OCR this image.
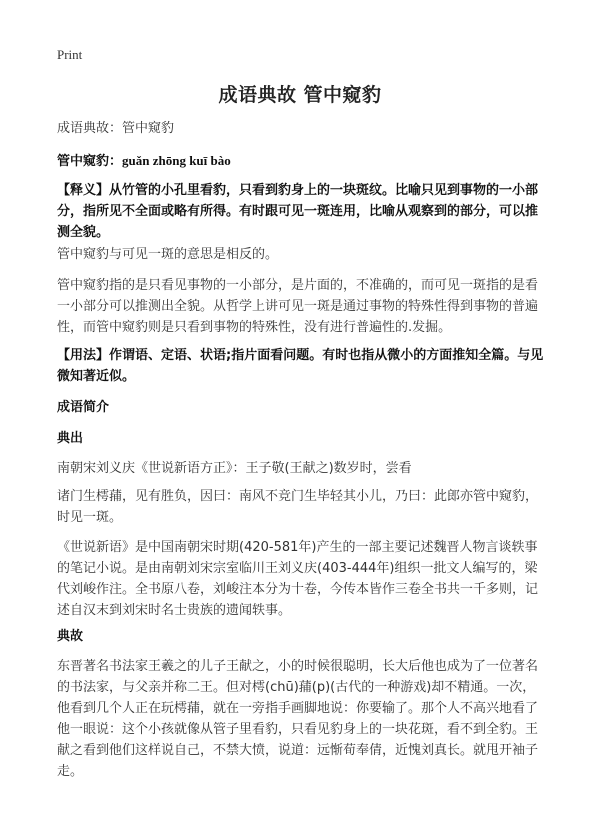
Print
成语典故 管中窥豹

成语典故：管中窥豹

管中窥豹：guǎn zhōng kuī bào

【释义】从竹管的小孔里看豹，只看到豹身上的一块斑纹。比喻只见到事物的一小部分，指所见不全面或略有所得。有时跟可见一斑连用，比喻从观察到的部分，可以推测全貌。

管中窥豹与可见一斑的意思是相反的。

管中窥豹指的是只看见事物的一小部分，是片面的，不准确的，而可见一斑指的是看一小部分可以推测出全貌。从哲学上讲可见一斑是通过事物的特殊性得到事物的普遍性，而管中窥豹则是只看到事物的特殊性，没有进行普遍性的.发掘。

【用法】作谓语、定语、状语;指片面看问题。有时也指从微小的方面推知全篇。与见微知著近似。

成语简介
典出

南朝宋刘义庆《世说新语方正》：王子敬(王献之)数岁时，尝看

诸门生樗蒱，见有胜负，因曰：南风不竞门生毕轻其小儿，乃曰：此郎亦管中窥豹，时见一斑。

《世说新语》是中国南朝宋时期(420-581年)产生的一部主要记述魏晋人物言谈轶事的笔记小说。是由南朝刘宋宗室临川王刘义庆(403-444年)组织一批文人编写的，梁代刘峻作注。全书原八卷，刘峻注本分为十卷，今传本皆作三卷全书共一千多则，记述自汉末到刘宋时名士贵族的遗闻轶事。

典故

东晋著名书法家王羲之的儿子王献之，小的时候很聪明，长大后他也成为了一位著名的书法家，与父亲并称二王。但对樗(chū)蒱(p)(古代的一种游戏)却不精通。一次，他看到几个人正在玩樗蒱，就在一旁指手画脚地说：你要输了。那个人不高兴地看了他一眼说：这个小孩就像从管子里看豹，只看见豹身上的一块花斑，看不到全豹。王献之看到他们这样说自己，不禁大愤，说道：远惭荀奉倩，近愧刘真长。就甩开袖子走。
